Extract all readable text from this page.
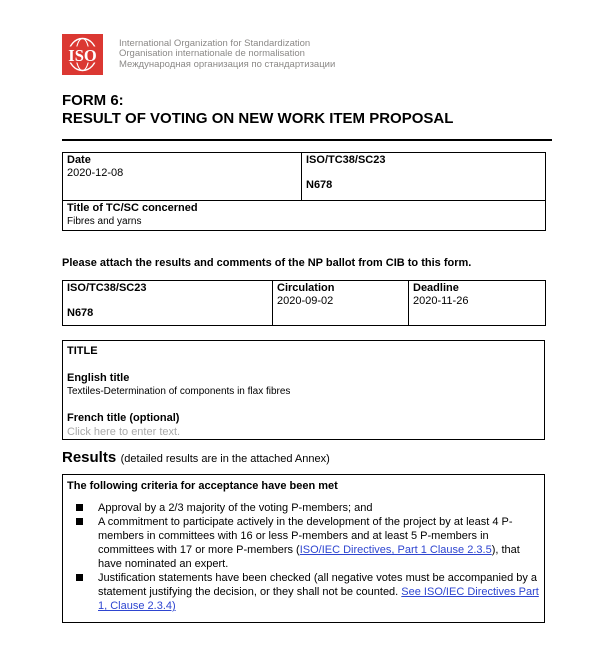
ISO
International Organization for Standardization
Organisation internationale de normalisation
Международная организация по стандартизации
FORM 6:
RESULT OF VOTING ON NEW WORK ITEM PROPOSAL
Date
2020-12-08

ISO/TC38/SC23
N678

Title of TC/SC concerned
Fibres and yarns

Please attach the results and comments of the NP ballot from CIB to this form.

ISO/TC38/SC23
N678

Circulation
2020-09-02

Deadline
2020-11-26
TITLE
English title
Textiles-Determination of components in flax fibres
French title (optional)
Click here to enter text.
Results (detailed results are in the attached Annex)
The following criteria for acceptance have been met

Approval by a 2/3 majority of the voting P-members; and

A commitment to participate actively in the development of the project by at least 4 P-members in committees with 16 or less P-members and at least 5 P-members in committees with 17 or more P-members (ISO/IEC Directives, Part 1 Clause 2.3.5), that have nominated an expert.

Justification statements have been checked (all negative votes must be accompanied by a statement justifying the decision, or they shall not be counted. See ISO/IEC Directives Part 1, Clause 2.3.4)
